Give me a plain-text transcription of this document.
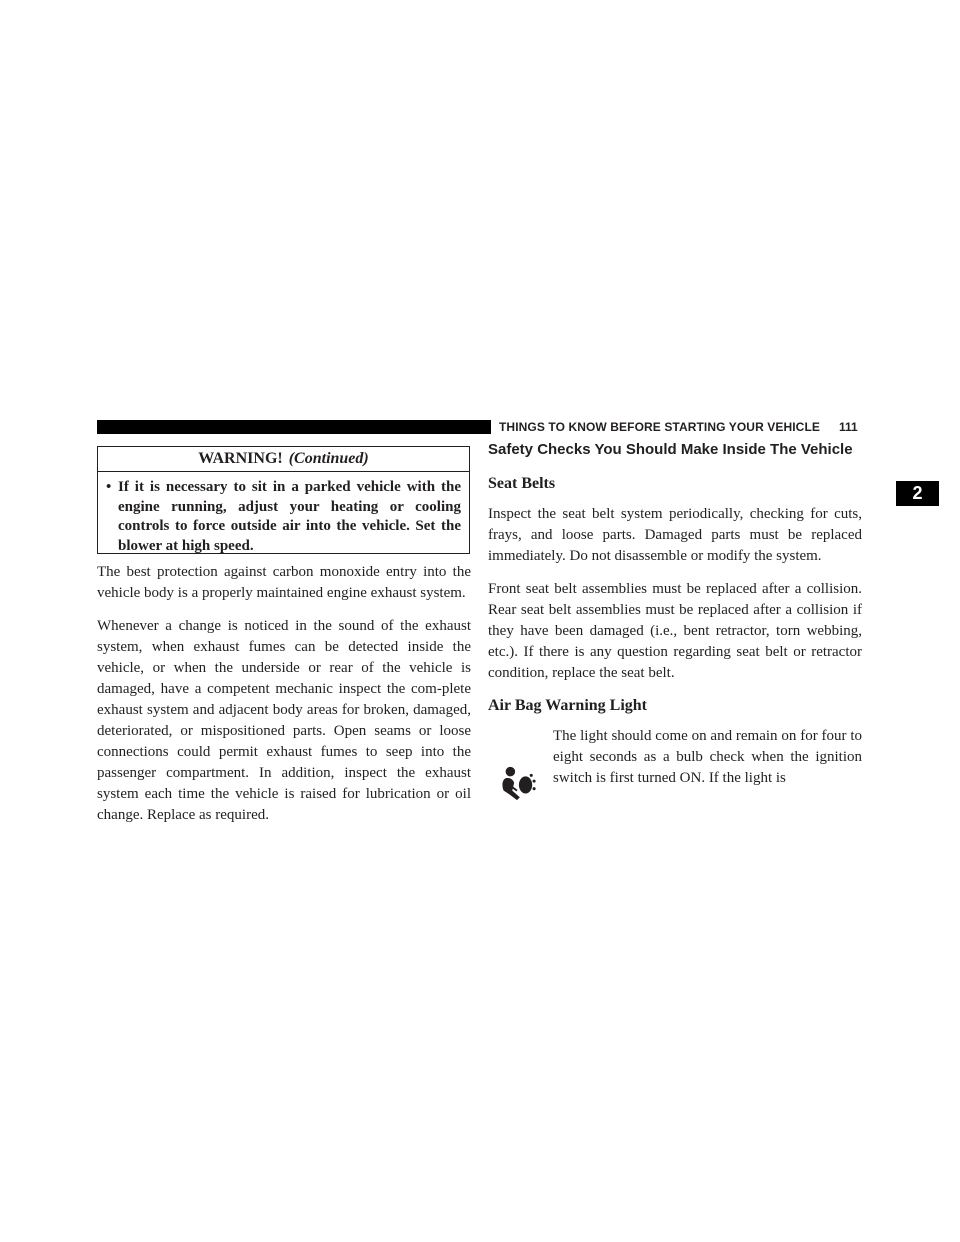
THINGS TO KNOW BEFORE STARTING YOUR VEHICLE	111
2
WARNING! (Continued)
• If it is necessary to sit in a parked vehicle with the engine running, adjust your heating or cooling controls to force outside air into the vehicle. Set the blower at high speed.

The best protection against carbon monoxide entry into the vehicle body is a properly maintained engine exhaust system.

Whenever a change is noticed in the sound of the exhaust system, when exhaust fumes can be detected inside the vehicle, or when the underside or rear of the vehicle is damaged, have a competent mechanic inspect the com-plete exhaust system and adjacent body areas for broken, damaged, deteriorated, or mispositioned parts. Open seams or loose connections could permit exhaust fumes to seep into the passenger compartment. In addition, inspect the exhaust system each time the vehicle is raised for lubrication or oil change. Replace as required.

Safety Checks You Should Make Inside The Vehicle
Seat Belts

Inspect the seat belt system periodically, checking for cuts, frays, and loose parts. Damaged parts must be replaced immediately. Do not disassemble or modify the system.

Front seat belt assemblies must be replaced after a collision. Rear seat belt assemblies must be replaced after a collision if they have been damaged (i.e., bent retractor, torn webbing, etc.). If there is any question regarding seat belt or retractor condition, replace the seat belt.

Air Bag Warning Light
The light should come on and remain on for four to eight seconds as a bulb check when the ignition switch is first turned ON. If the light is
